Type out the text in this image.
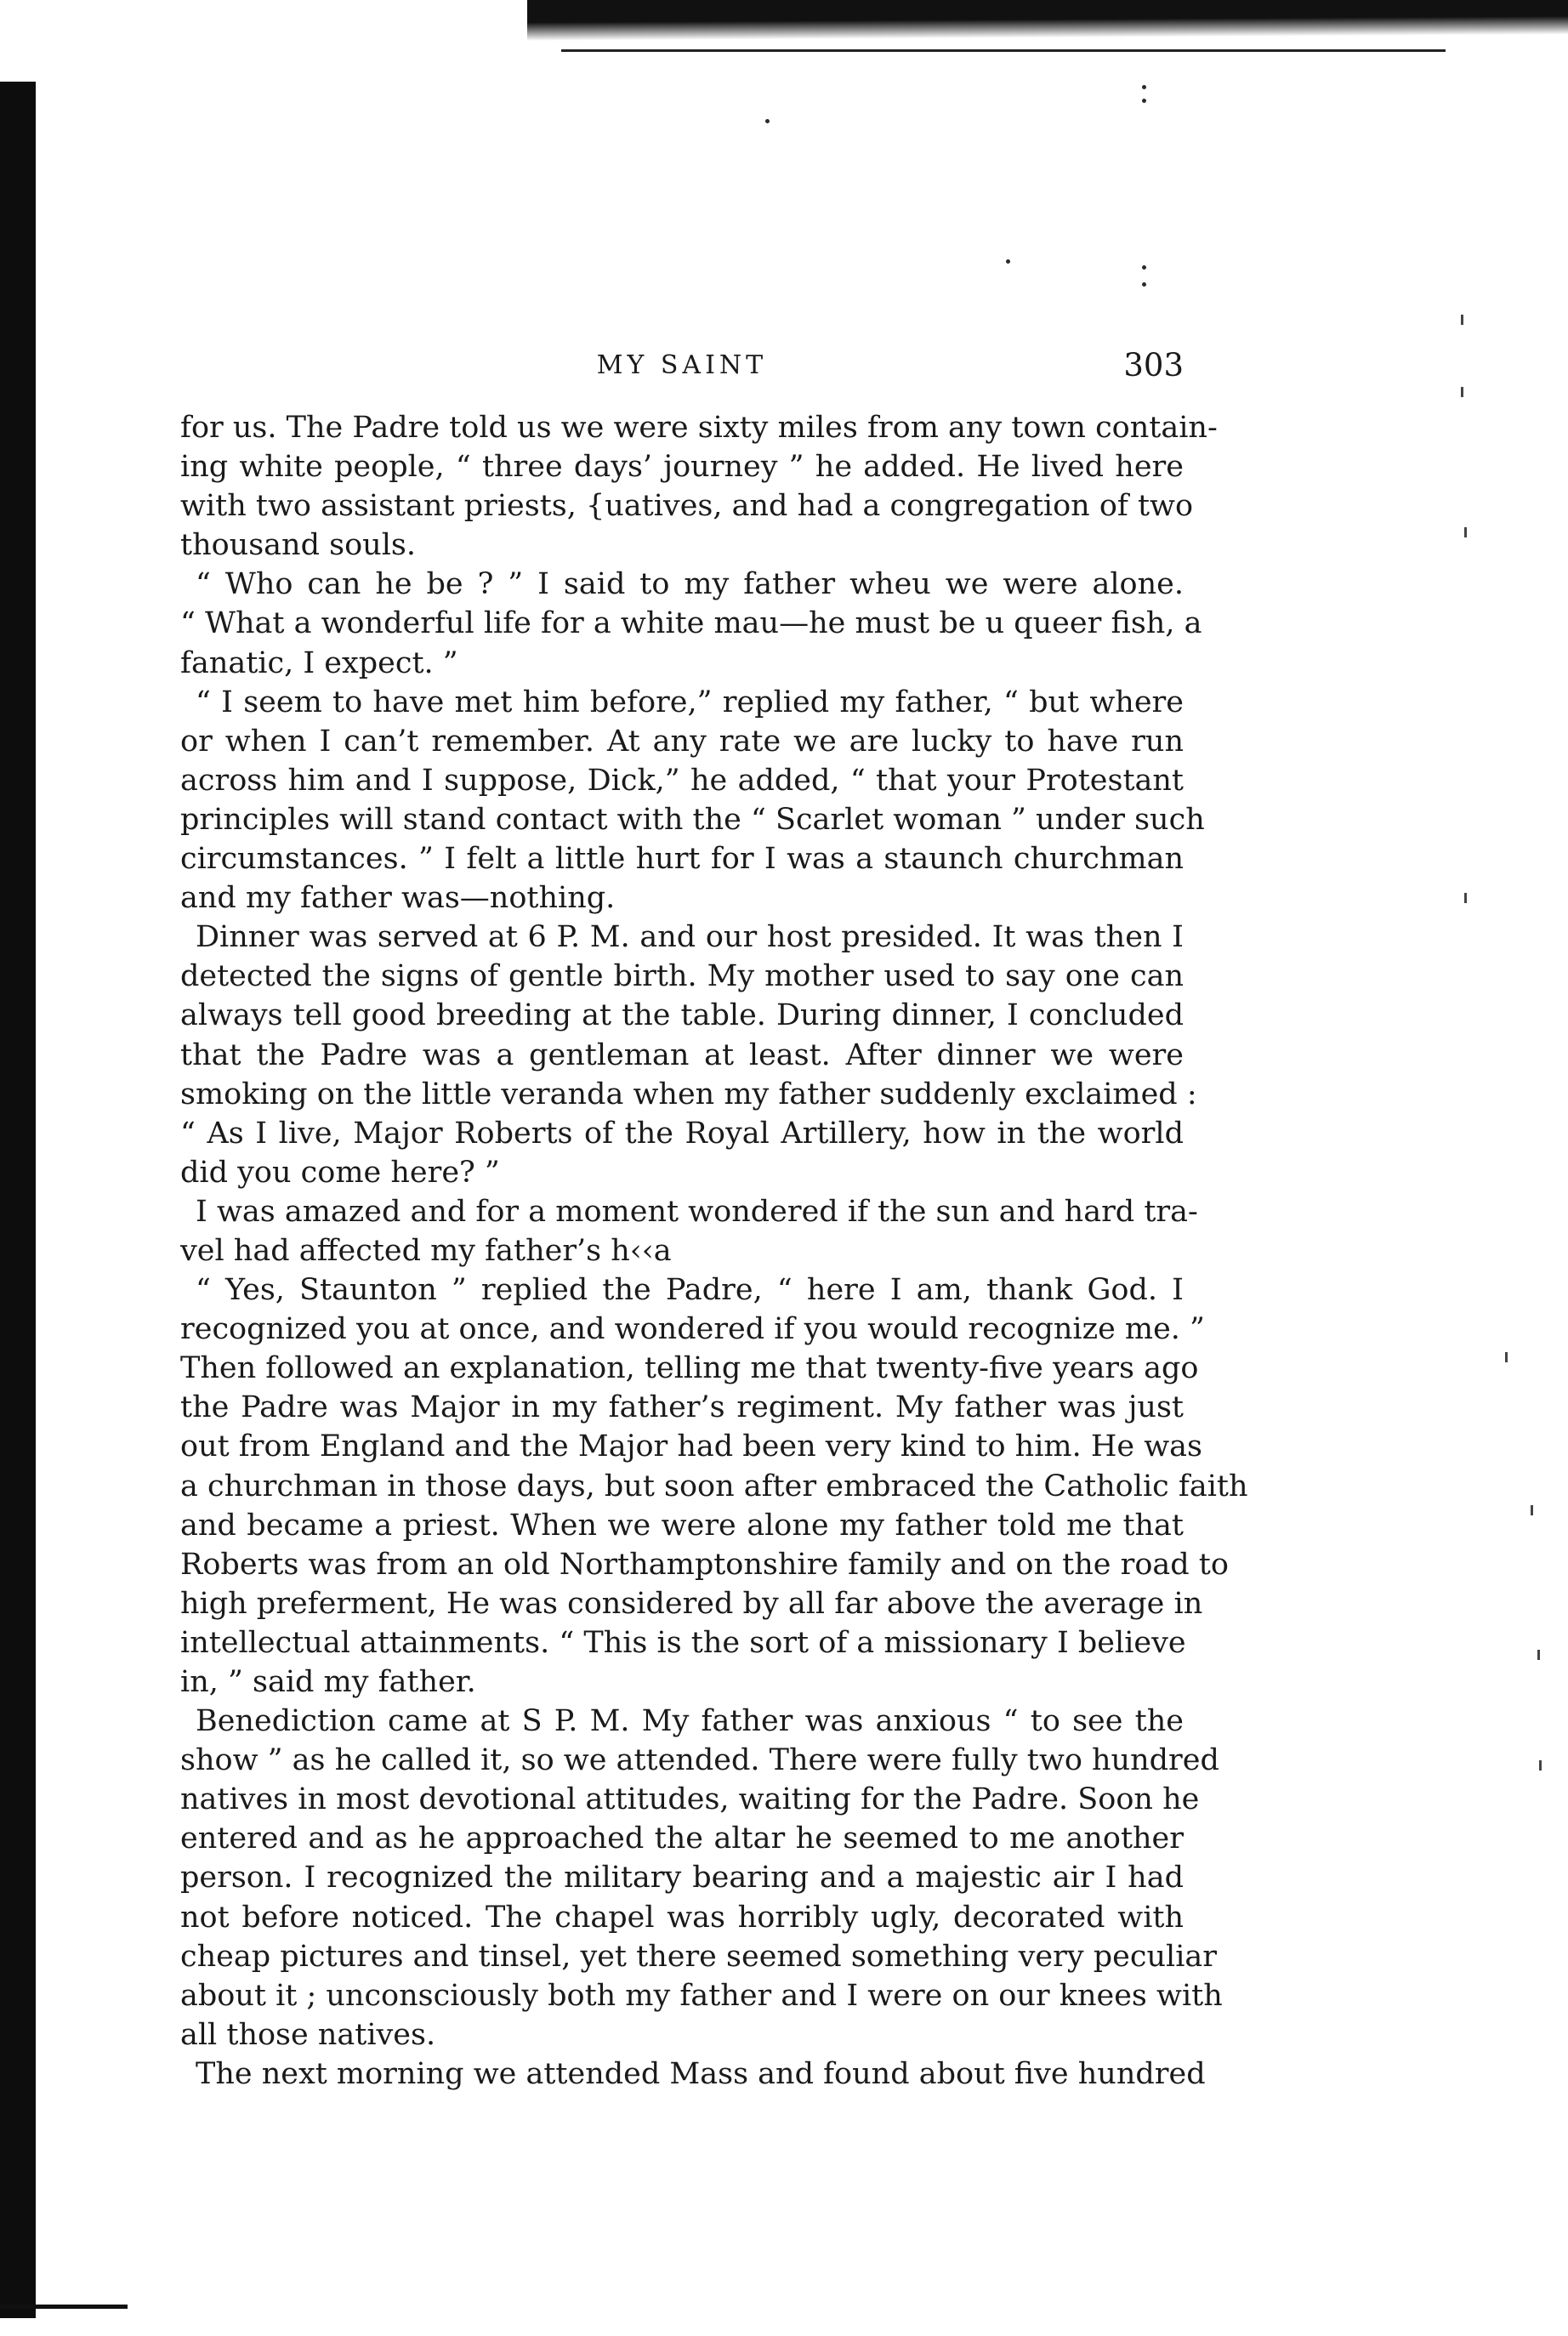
MY SAINT	303
for us. The Padre told us we were sixty miles from any town contain-
ing white people, “ three days’ journey ” he added. He lived here
with two assistant priests, {uatives, and had a congregation of two
thousand souls.
“ Who can he be ? ” I said to my father wheu we were alone.
“ What a wonderful life for a white mau—he must be u queer fish, a
fanatic, I expect. ”
“ I seem to have met him before,” replied my father, “ but where
or when I can’t remember. At any rate we are lucky to have run
across him and I suppose, Dick,” he added, “ that your Protestant
principles will stand contact with the “ Scarlet woman ” under such
circumstances. ” I felt a little hurt for I was a staunch churchman
and my father was—nothing.
Dinner was served at 6 P. M. and our host presided. It was then I
detected the signs of gentle birth. My mother used to say one can
always tell good breeding at the table. During dinner, I concluded
that the Padre was a gentleman at least. After dinner we were
smoking on the little veranda when my father suddenly exclaimed :
“ As I live, Major Roberts of the Royal Artillery, how in the world
did you come here? ”
I was amazed and for a moment wondered if the sun and hard tra-
vel had affected my father’s h‹‹a
“ Yes, Staunton ” replied the Padre, “ here I am, thank God. I
recognized you at once, and wondered if you would recognize me. ”
Then followed an explanation, telling me that twenty-five years ago
the Padre was Major in my father’s regiment. My father was just
out from England and the Major had been very kind to him. He was
a churchman in those days, but soon after embraced the Catholic faith
and became a priest. When we were alone my father told me that
Roberts was from an old Northamptonshire family and on the road to
high preferment, He was considered by all far above the average in
intellectual attainments. “ This is the sort of a missionary I believe
in, ” said my father.
Benediction came at S P. M. My father was anxious “ to see the
show ” as he called it, so we attended. There were fully two hundred
natives in most devotional attitudes, waiting for the Padre. Soon he
entered and as he approached the altar he seemed to me another
person. I recognized the military bearing and a majestic air I had
not before noticed. The chapel was horribly ugly, decorated with
cheap pictures and tinsel, yet there seemed something very peculiar
about it ; unconsciously both my father and I were on our knees with
all those natives.
The next morning we attended Mass and found about five hundred
